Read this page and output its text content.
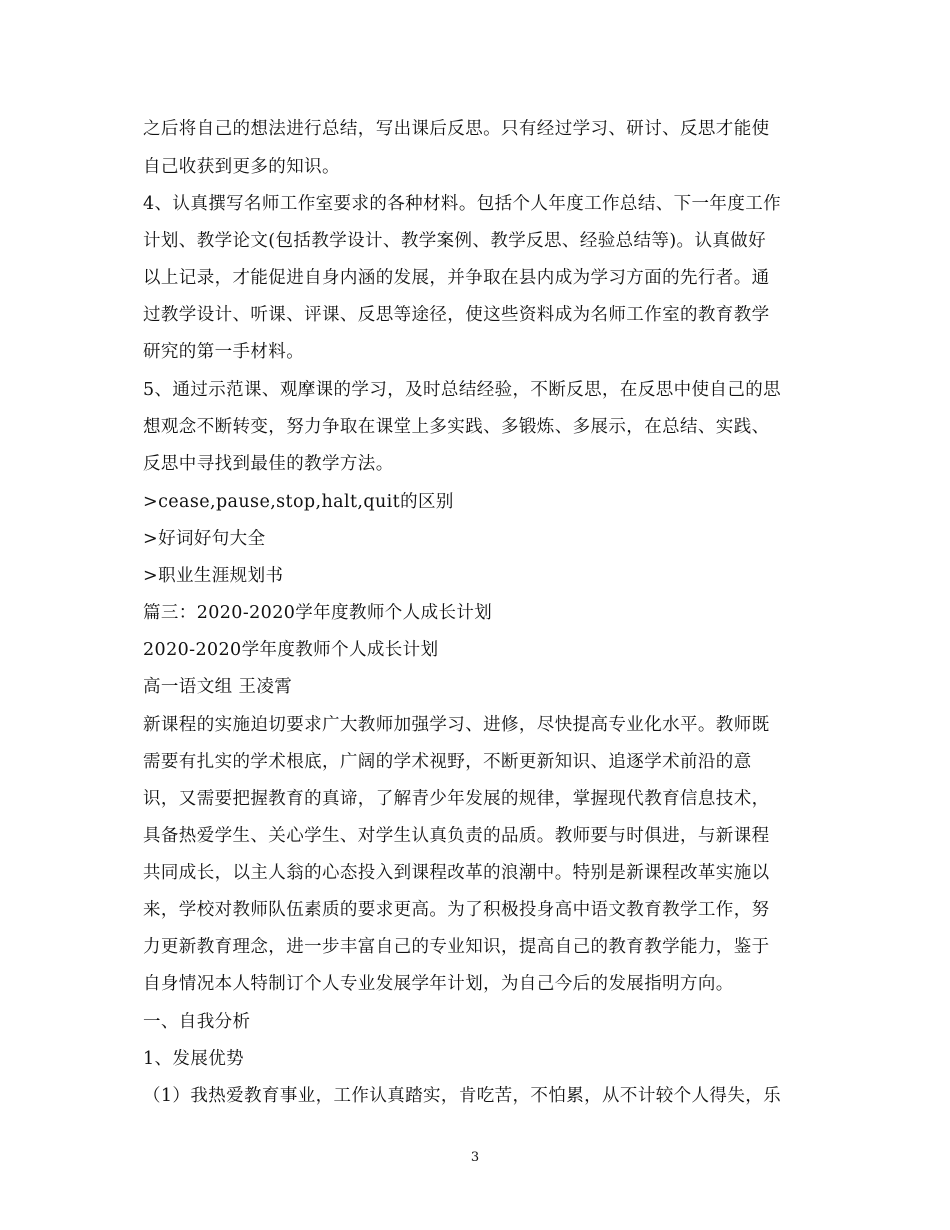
之后将自己的想法进行总结，写出课后反思。只有经过学习、研讨、反思才能使
自己收获到更多的知识。
4、认真撰写名师工作室要求的各种材料。包括个人年度工作总结、下一年度工作
计划、教学论文(包括教学设计、教学案例、教学反思、经验总结等)。认真做好
以上记录，才能促进自身内涵的发展，并争取在县内成为学习方面的先行者。通
过教学设计、听课、评课、反思等途径，使这些资料成为名师工作室的教育教学
研究的第一手材料。
5、通过示范课、观摩课的学习，及时总结经验，不断反思，在反思中使自己的思
想观念不断转变，努力争取在课堂上多实践、多锻炼、多展示，在总结、实践、
反思中寻找到最佳的教学方法。
>cease,pause,stop,halt,quit的区别
>好词好句大全
>职业生涯规划书
篇三：2020-2020学年度教师个人成长计划
2020-2020学年度教师个人成长计划
高一语文组 王凌霄
新课程的实施迫切要求广大教师加强学习、进修，尽快提高专业化水平。教师既
需要有扎实的学术根底，广阔的学术视野，不断更新知识、追逐学术前沿的意
识，又需要把握教育的真谛，了解青少年发展的规律，掌握现代教育信息技术，
具备热爱学生、关心学生、对学生认真负责的品质。教师要与时俱进，与新课程
共同成长，以主人翁的心态投入到课程改革的浪潮中。特别是新课程改革实施以
来，学校对教师队伍素质的要求更高。为了积极投身高中语文教育教学工作，努
力更新教育理念，进一步丰富自己的专业知识，提高自己的教育教学能力，鉴于
自身情况本人特制订个人专业发展学年计划，为自己今后的发展指明方向。
一、自我分析
1、发展优势
（1）我热爱教育事业，工作认真踏实，肯吃苦，不怕累，从不计较个人得失，乐
3
